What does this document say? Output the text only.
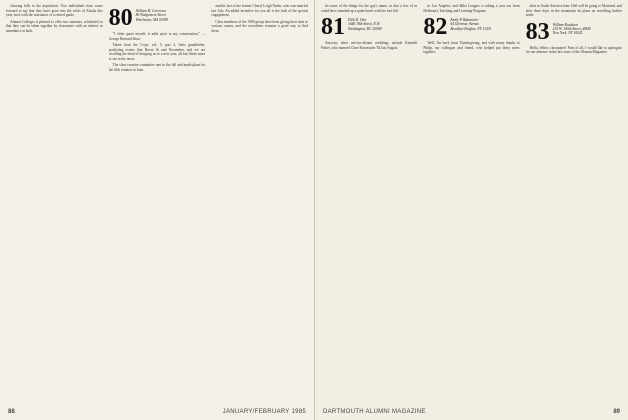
cleaving falls to the inquisition. Two individuals have come forward to say that they have gone into the wilds of Alaska this year, each with the assistance of a retired guide.

Alumni Colleges is pleased to offer two seminars, scheduled so that they can be taken together by classmates with an interest in attendance at both.	80 William H. Corcoran
86 Wedgemere Street
Winchester, MA 01890

"I often quote myself; it adds spice to my conversation." —George Bernard Shaw

Taken from the Crypt. vol. 5, part 4, Jim's grandfather, predicting events that Hover & and November, and we are recalling the deed of bringing us to a new year, all but fifties more to see in the news.

The class reunion committee met in the fall and made plans for the fifth reunion in June.

and the last of the former Cheryl Leigh Nadas, who was married last July. An added incentive for you all is the look of the special engagement.

Class members of the 1980 group have been giving their time to various causes, and the newsletter remains a good way to find them.

88	JANUARY/FEBRUARY 1985

do some of the things for the guy's name, so that a few of us could have rounded up a quiet lunch with her last fall.

81 Dirk D. Otto
1640 19th Street, N.W.
Washington, DC 20009

Anyway, other not-too-distant weddings include Kenneth Fisher, who married Clare Rosenstein '82 last August.

in Los Angeles, and Mike Leugers is taking a year out from Hoffman's Teaching and Learning Program.

82 Emily P. Bakemeier
64 Glenrose Avenue
Brooklyn Heights, NY 11201

Well, I'm back from Thanksgiving, and with many thanks to Philip, my colleague and friend, who helped put these notes together.

after in South America later. Dell will be going to Montreal, and after three days in the mountains he plans on travelling further north.

83 William Knudson
215 W. 100th Street, #9H4
New York, NY 10025

Hello, fellow classmates! First of all, I would like to apologize for our absence in the last issue of the Alumni Magazine.

DARTMOUTH ALUMNI MAGAZINE	89
